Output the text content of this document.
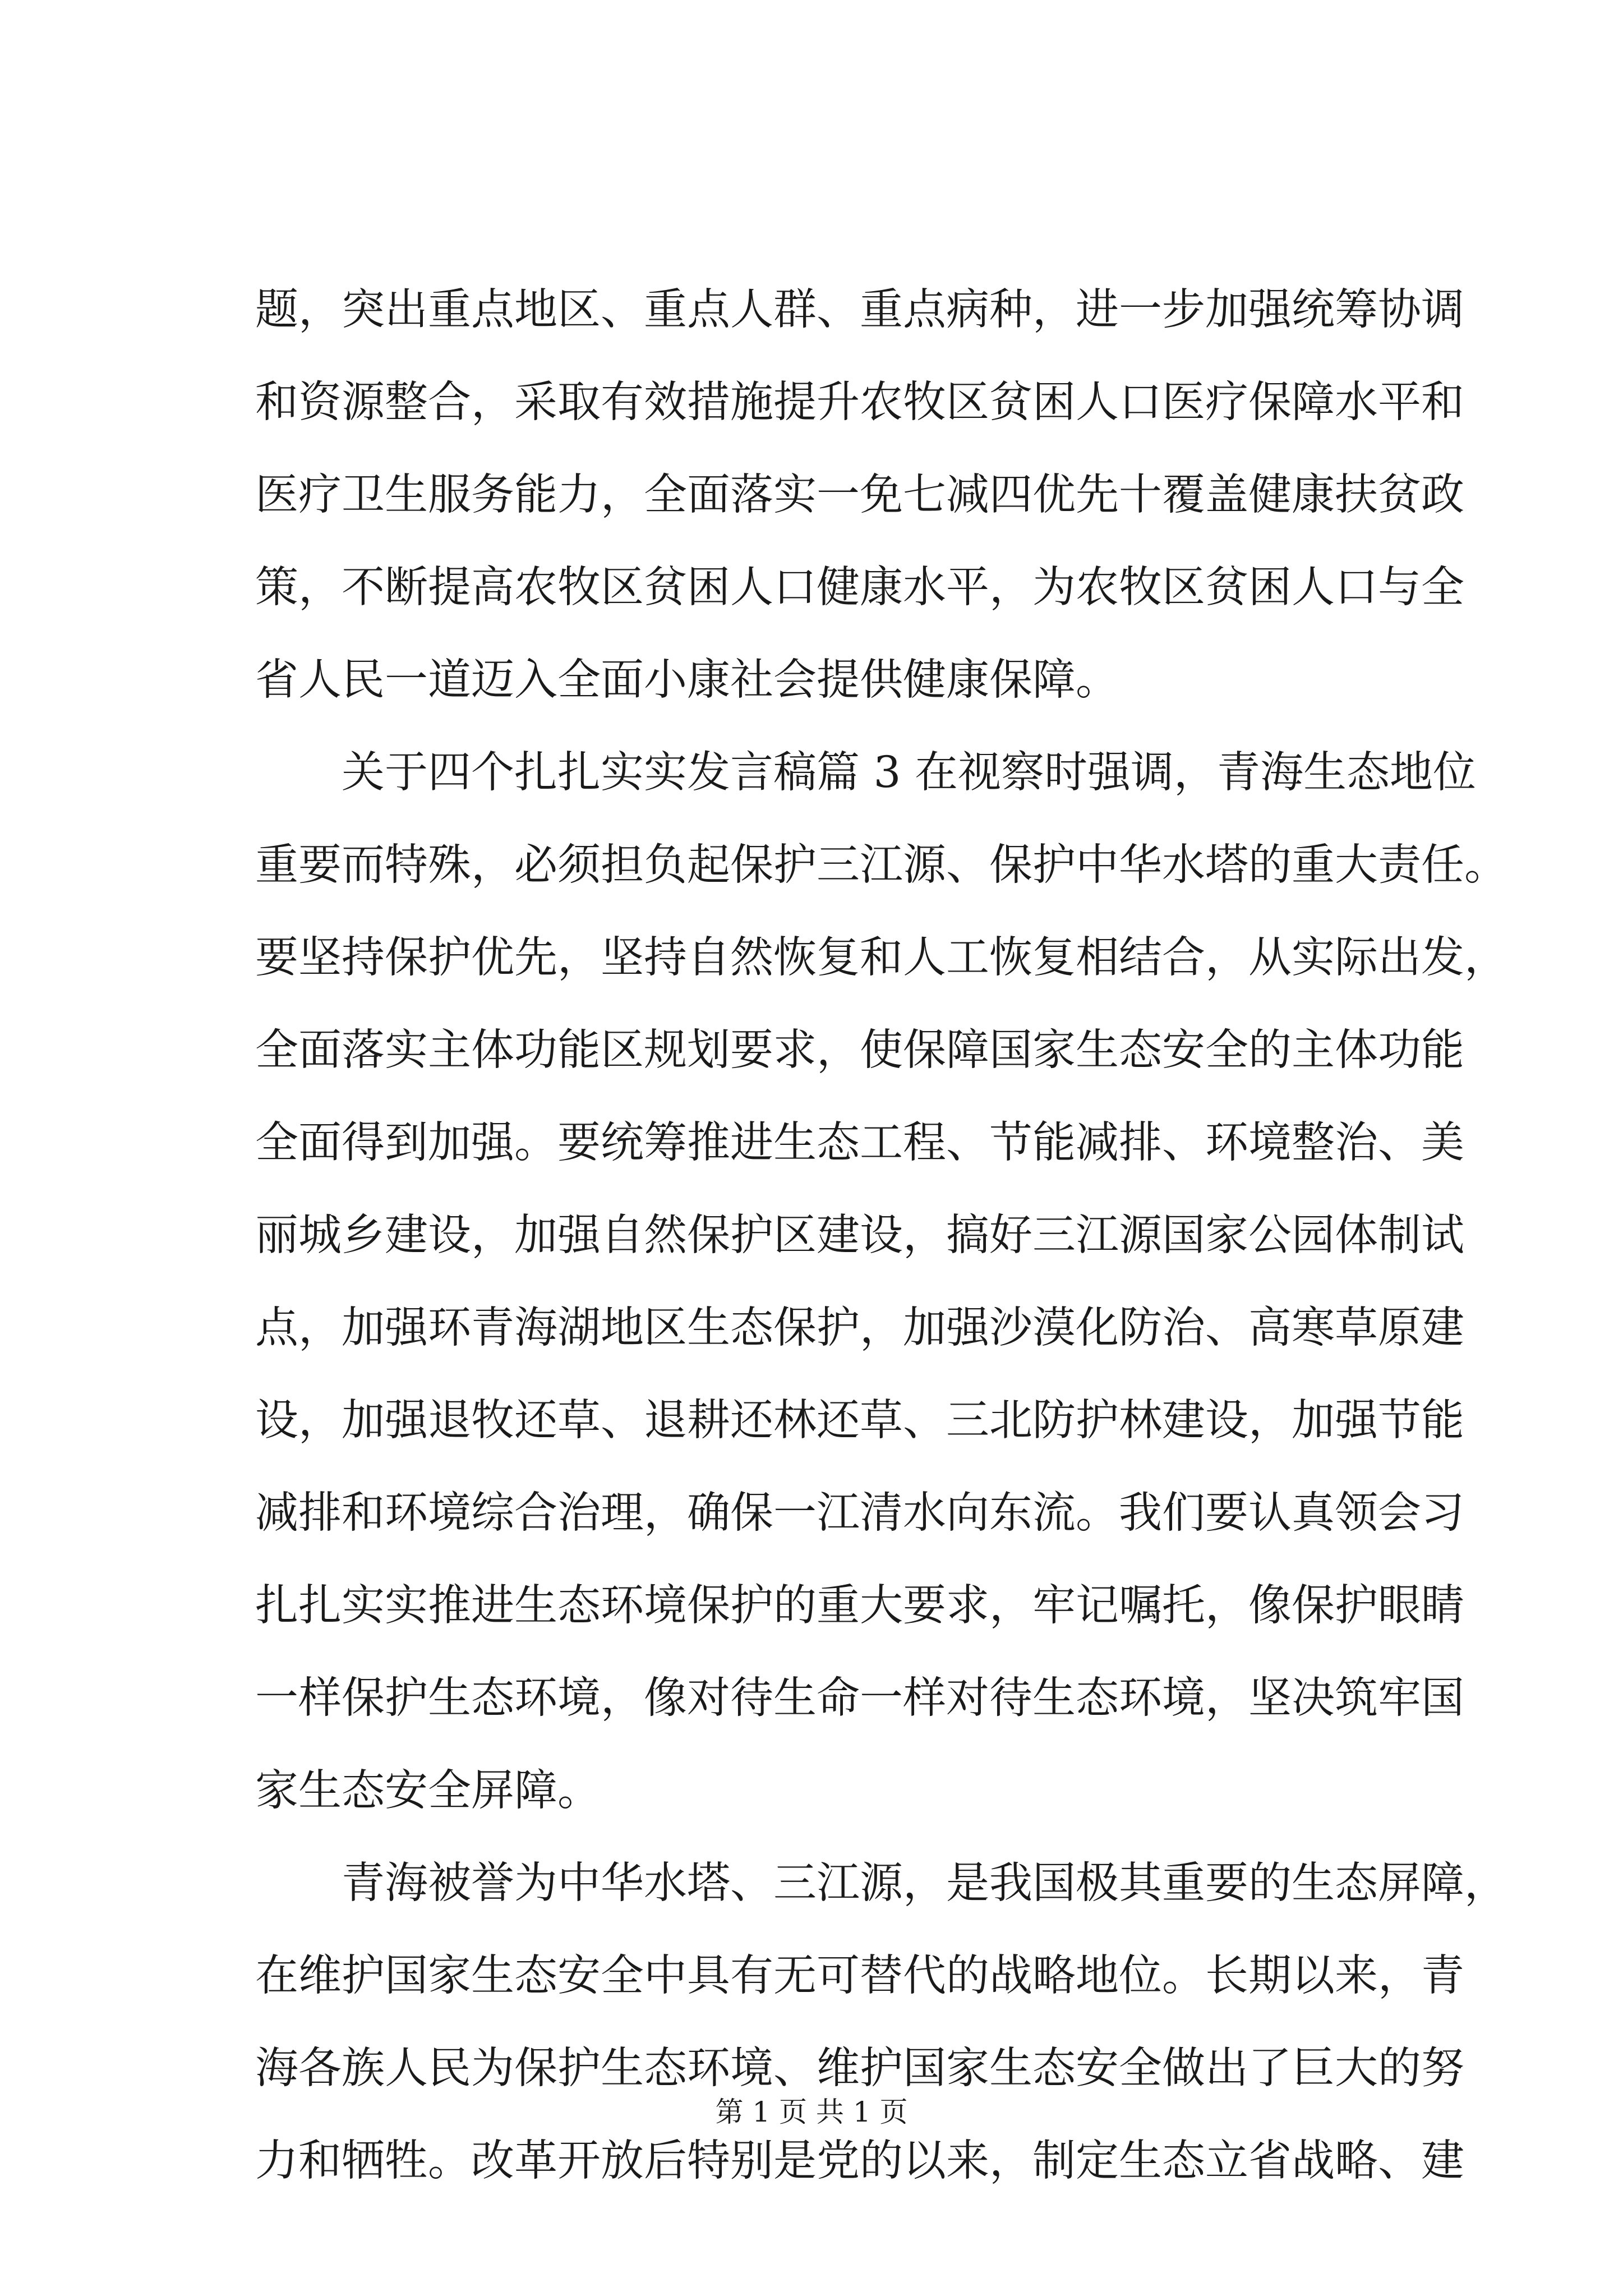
题，突出重点地区、重点人群、重点病种，进一步加强统筹协调
和资源整合，采取有效措施提升农牧区贫困人口医疗保障水平和
医疗卫生服务能力，全面落实一免七减四优先十覆盖健康扶贫政
策，不断提高农牧区贫困人口健康水平，为农牧区贫困人口与全
省人民一道迈入全面小康社会提供健康保障。
关于四个扎扎实实发言稿篇 3 在视察时强调，青海生态地位
重要而特殊，必须担负起保护三江源、保护中华水塔的重大责任。
要坚持保护优先，坚持自然恢复和人工恢复相结合，从实际出发，
全面落实主体功能区规划要求，使保障国家生态安全的主体功能
全面得到加强。要统筹推进生态工程、节能减排、环境整治、美
丽城乡建设，加强自然保护区建设，搞好三江源国家公园体制试
点，加强环青海湖地区生态保护，加强沙漠化防治、高寒草原建
设，加强退牧还草、退耕还林还草、三北防护林建设，加强节能
减排和环境综合治理，确保一江清水向东流。我们要认真领会习
扎扎实实推进生态环境保护的重大要求，牢记嘱托，像保护眼睛
一样保护生态环境，像对待生命一样对待生态环境，坚决筑牢国
家生态安全屏障。
青海被誉为中华水塔、三江源，是我国极其重要的生态屏障，
在维护国家生态安全中具有无可替代的战略地位。长期以来，青
海各族人民为保护生态环境、维护国家生态安全做出了巨大的努
力和牺牲。改革开放后特别是党的以来，制定生态立省战略、建
第 1 页 共 1 页
